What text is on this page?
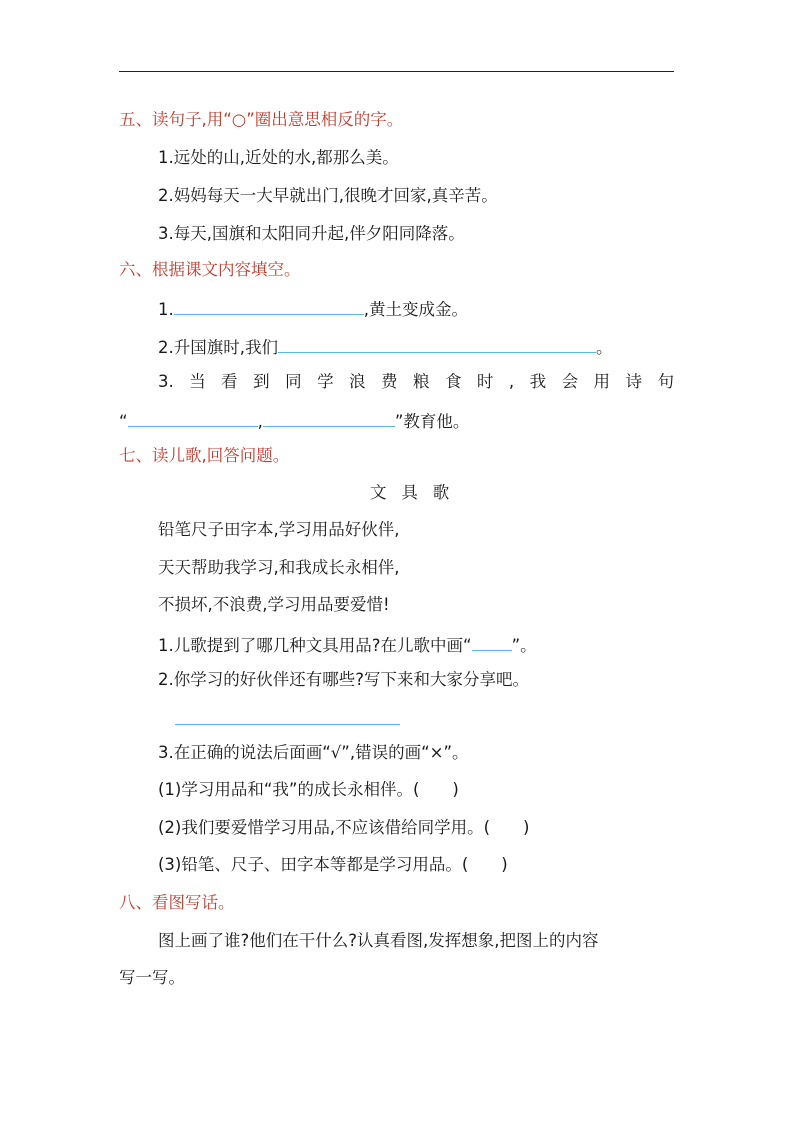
五、读句子,用“○”圈出意思相反的字。
1.远处的山,近处的水,都那么美。
2.妈妈每天一大早就出门,很晚才回家,真辛苦。
3.每天,国旗和太阳同升起,伴夕阳同降落。
六、根据课文内容填空。
1.	,黄土变成金。
2.升国旗时,我们	。
3.当看到同学浪费粮食时,我会用诗句
“	,	”教育他。
七、读儿歌,回答问题。
文具歌
铅笔尺子田字本,学习用品好伙伴,
天天帮助我学习,和我成长永相伴,
不损坏,不浪费,学习用品要爱惜!
1.儿歌提到了哪几种文具用品?在儿歌中画“ ”。
2.你学习的好伙伴还有哪些?写下来和大家分享吧。
3.在正确的说法后面画“√”,错误的画“×”。
(1)学习用品和“我”的成长永相伴。(　　)
(2)我们要爱惜学习用品,不应该借给同学用。(　　)
(3)铅笔、尺子、田字本等都是学习用品。(　　)
八、看图写话。
图上画了谁?他们在干什么?认真看图,发挥想象,把图上的内容
写一写。
